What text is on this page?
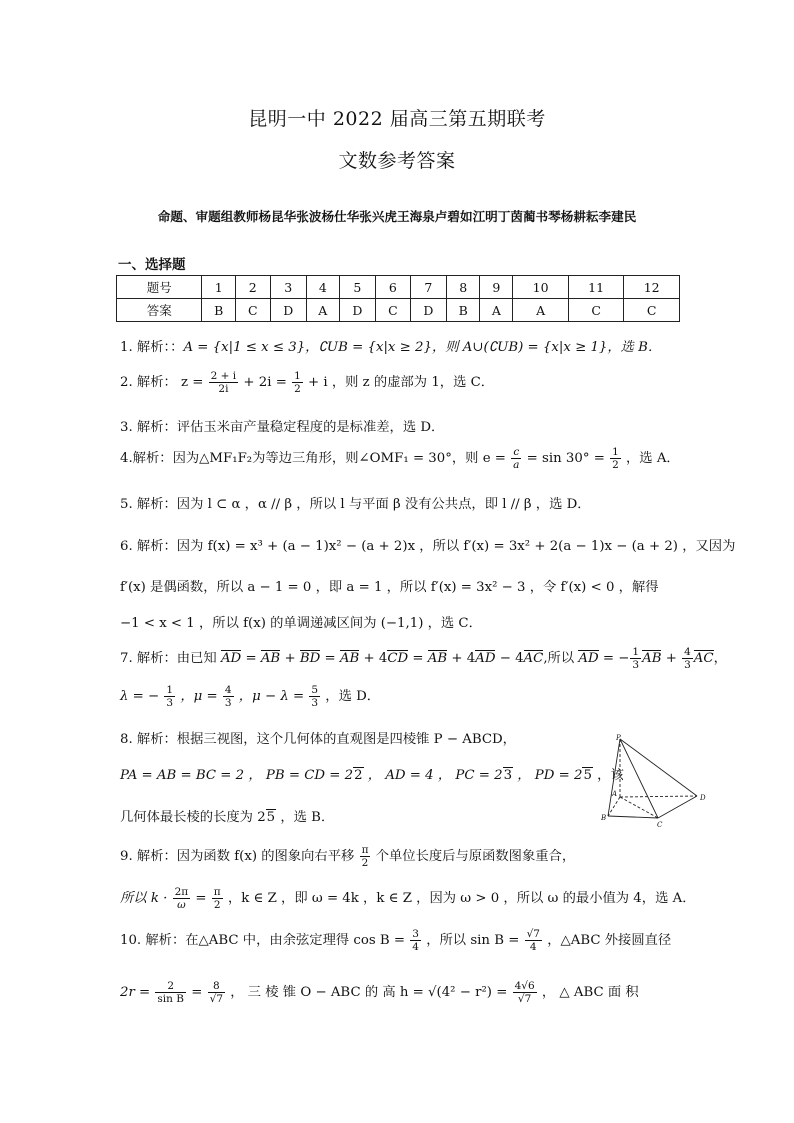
昆明一中 2022 届高三第五期联考
文数参考答案
命题、审题组教师杨昆华张波杨仕华张兴虎王海泉卢碧如江明丁茵蔺书琴杨耕耘李建民
一、选择题
题号	1	2	3	4	5	6	7	8	9	10	11	12
答案	B	C	D	A	D	C	D	B	A	A	C	C
1. 解析：：A = {x|1 ≤ x ≤ 3}，∁UB = {x|x ≥ 2}，则 A∪(∁UB) = {x|x ≥ 1}，选 B．
2. 解析： $z = \frac{2 + i}{2i} + 2i = \frac{1}{2} + i$ ，则 z 的虚部为 1，选 C．
3. 解析：评估玉米亩产量稳定程度的是标准差，选 D．
4.解析：因为△MF₁F₂为等边三角形，则∠OMF₁ = 30°，则 $e = \frac{c}{a} = \sin 30^\circ = \frac{1}{2}$ ，选 A．
5. 解析：因为 l ⊂ α ，α // β ，所以 l 与平面 β 没有公共点，即 l // β ，选 D．
6. 解析：因为 f(x) = x³ + (a − 1)x² − (a + 2)x ，所以 f′(x) = 3x² + 2(a − 1)x − (a + 2) ，又因为
f′(x) 是偶函数，所以 a − 1 = 0 ，即 a = 1 ，所以 f′(x) = 3x² − 3 ，令 f′(x) < 0 ，解得
−1 < x < 1 ，所以 f(x) 的单调递减区间为 (−1,1) ，选 C．
7. 解析：由已知 AD = AB + BD = AB + 4CD = AB + 4AD − 4AC,所以 AD = − $\frac{1}{3}$ AB + $\frac{4}{3}$ AC，
λ = − $\frac{1}{3}$ ，$\mu = \frac{4}{3}$ ，$\mu - \lambda = \frac{5}{3}$ ，选 D．
8. 解析：根据三视图，这个几何体的直观图是四棱锥 P − ABCD，
PA = AB = BC = 2 ， PB = CD = 22 ， AD = 4 ， PC = 23 ， PD = 25 ，该
几何体最长棱的长度为 25 ，选 B．
P
A
B
C
D
9. 解析：因为函数 f(x) 的图象向右平移 $\frac{\pi}{2}$ 个单位长度后与原函数图象重合，
所以 $k \cdot \frac{2\pi}{\omega} = \frac{\pi}{2}$ ，k ∈ Z ，即 ω = 4k ，k ∈ Z ，因为 ω > 0 ，所以 ω 的最小值为 4，选 A．
10. 解析：在△ABC 中，由余弦定理得 $\cos B = \frac{3}{4}$ ，所以 $\sin B = \frac{√7}{4}$ ，△ABC 外接圆直径
$2r = \frac{2}{\text{sin B}} = \frac{8}{√7}$ ， 三 棱 锥 O − ABC 的 高 $h = √(4^2 - r^2) = \frac{4√6}{√7}$ ， △ ABC 面 积
